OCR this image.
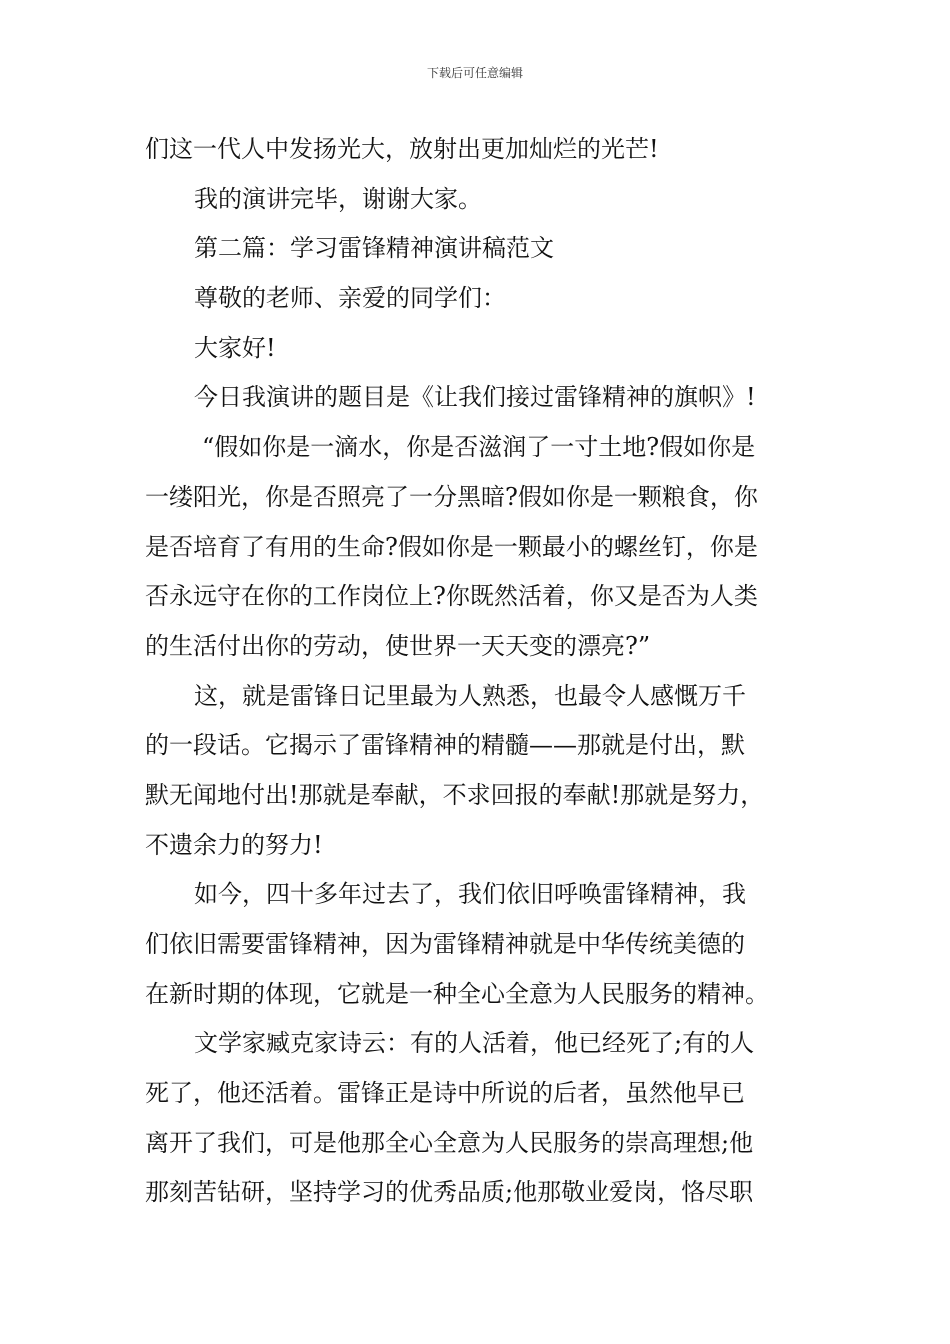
下载后可任意编辑
们这一代人中发扬光大，放射出更加灿烂的光芒!
我的演讲完毕，谢谢大家。
第二篇：学习雷锋精神演讲稿范文
尊敬的老师、亲爱的同学们：
大家好!
今日我演讲的题目是《让我们接过雷锋精神的旗帜》!
“假如你是一滴水，你是否滋润了一寸土地?假如你是
一缕阳光，你是否照亮了一分黑暗?假如你是一颗粮食，你
是否培育了有用的生命?假如你是一颗最小的螺丝钉，你是
否永远守在你的工作岗位上?你既然活着，你又是否为人类
的生活付出你的劳动，使世界一天天变的漂亮?”
这，就是雷锋日记里最为人熟悉，也最令人感慨万千
的一段话。它揭示了雷锋精神的精髓——那就是付出，默
默无闻地付出!那就是奉献，不求回报的奉献!那就是努力，
不遗余力的努力!
如今，四十多年过去了，我们依旧呼唤雷锋精神，我
们依旧需要雷锋精神，因为雷锋精神就是中华传统美德的
在新时期的体现，它就是一种全心全意为人民服务的精神。
文学家臧克家诗云：有的人活着，他已经死了;有的人
死了，他还活着。雷锋正是诗中所说的后者，虽然他早已
离开了我们，可是他那全心全意为人民服务的崇高理想;他
那刻苦钻研，坚持学习的优秀品质;他那敬业爱岗，恪尽职
